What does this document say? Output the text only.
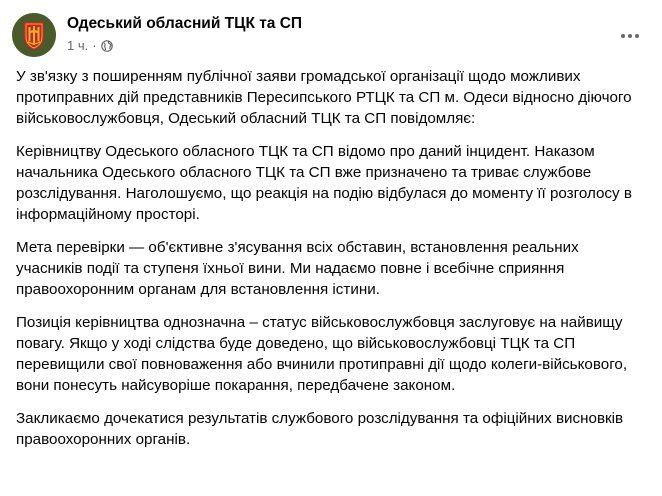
Одеський обласний ТЦК та СП
1 ч. ·

У зв'язку з поширенням публічної заяви громадської організації щодо можливих протиправних дій представників Пересипського РТЦК та СП м. Одеси відносно діючого військовослужбовця, Одеський обласний ТЦК та СП повідомляє:

Керівництву Одеського обласного ТЦК та СП відомо про даний інцидент. Наказом начальника Одеського обласного ТЦК та СП вже призначено та триває службове розслідування. Наголошуємо, що реакція на подію відбулася до моменту її розголосу в інформаційному просторі.

Мета перевірки — об'єктивне з'ясування всіх обставин, встановлення реальних учасників події та ступеня їхньої вини. Ми надаємо повне і всебічне сприяння правоохоронним органам для встановлення істини.

Позиція керівництва однозначна – статус військовослужбовця заслуговує на найвищу повагу. Якщо у ході слідства буде доведено, що військовослужбовці ТЦК та СП перевищили свої повноваження або вчинили протиправні дії щодо колеги-військового, вони понесуть найсуворіше покарання, передбачене законом.

Закликаємо дочекатися результатів службового розслідування та офіційних висновків правоохоронних органів.
